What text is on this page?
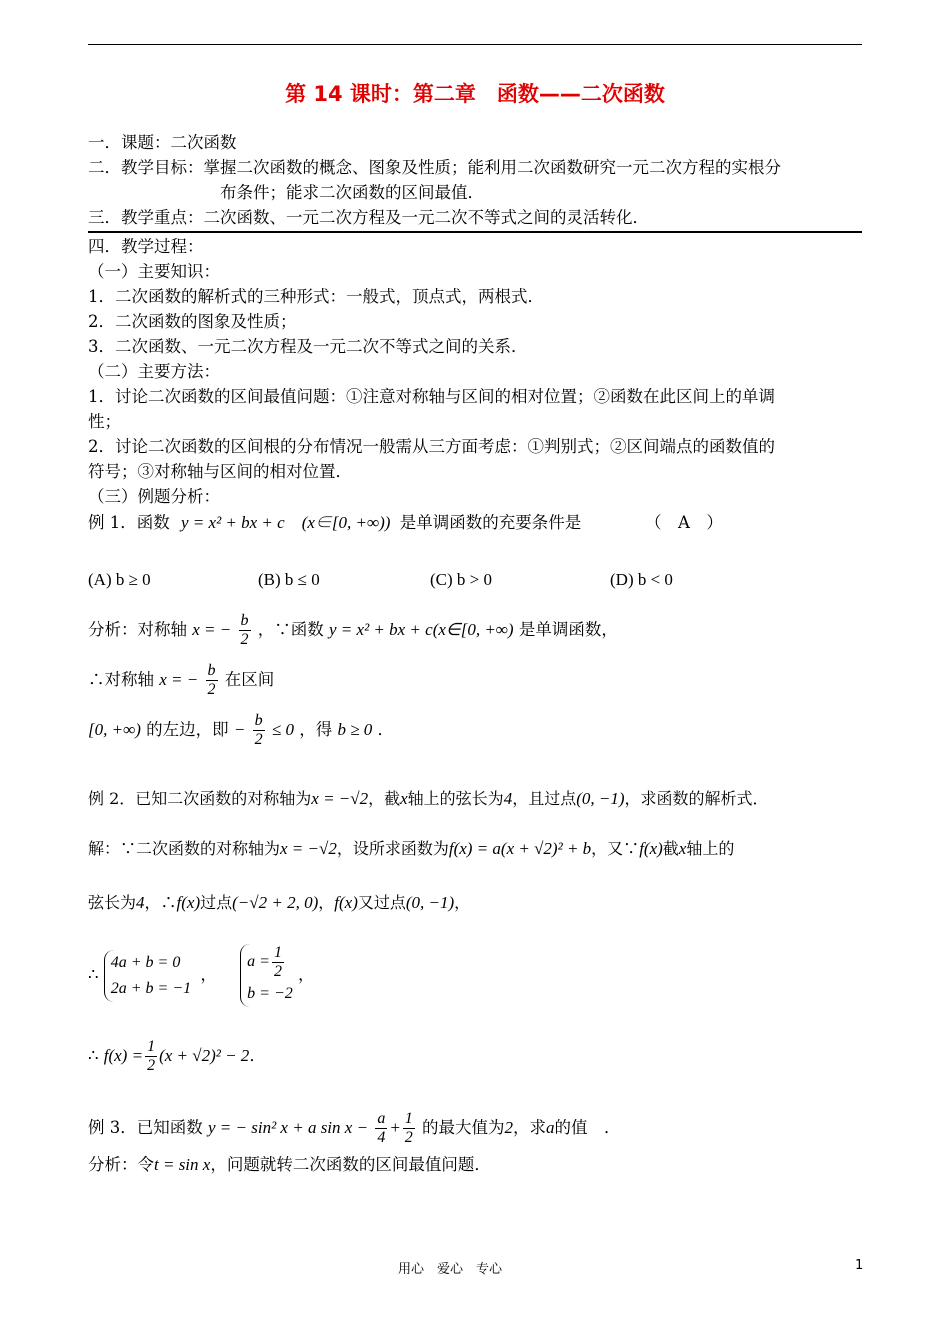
第 14 课时：第二章　函数——二次函数
一．课题：二次函数
二．教学目标：掌握二次函数的概念、图象及性质；能利用二次函数研究一元二次方程的实根分
布条件；能求二次函数的区间最值．
三．教学重点：二次函数、一元二次方程及一元二次不等式之间的灵活转化．
四．教学过程：
（一）主要知识：
1．二次函数的解析式的三种形式：一般式，顶点式，两根式．
2．二次函数的图象及性质；
3．二次函数、一元二次方程及一元二次不等式之间的关系．
（二）主要方法：
1．讨论二次函数的区间最值问题：①注意对称轴与区间的相对位置；②函数在此区间上的单调
性；
2．讨论二次函数的区间根的分布情况一般需从三方面考虑：①判别式；②区间端点的函数值的
符号；③对称轴与区间的相对位置．
（三）例题分析：
例 1．函数 y = x² + bx + c　(x∈[0, +∞)) 是单调函数的充要条件是	（　A　）
(A) b ≥ 0	(B) b ≤ 0	(C) b > 0	(D) b < 0
分析：对称轴 x = − $\frac{b}{2}$ ，∵函数 y = x² + bx + c(x∈[0, +∞) 是单调函数，
∴对称轴 x = − $\frac{b}{2}$ 在区间
[0, +∞) 的左边，即 − $\frac{b}{2} \le 0$ ，得 b ≥ 0 ．
例 2．已知二次函数的对称轴为x = −√2，截x轴上的弦长为4，且过点(0, −1)，求函数的解析式．
解：∵二次函数的对称轴为x = −√2，设所求函数为f(x) = a(x + √2)² + b，又∵f(x)截x轴上的
弦长为4，∴f(x)过点(−√2 + 2, 0)，f(x)又过点(0, −1)，
∴
4a + b = 0
2a + b = −1
，
$a = \frac{1}{2}$
b = −2
，
∴ $f(x) = \frac{1}{2} (x + √2)^2 - 2$．
例 3．已知函数 y = − sin² x + a $\sin x - \frac{a}{4} + \frac{1}{2}$ 的最大值为2，求a的值　．
分析：令t = sin x，问题就转二次函数的区间最值问题．
用心　爱心　专心	1
